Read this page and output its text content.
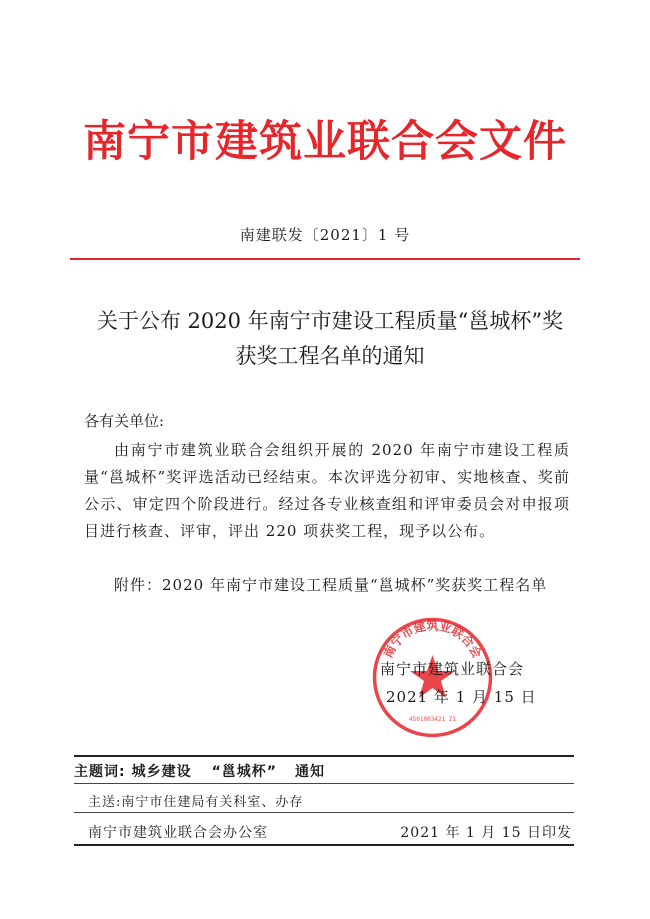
南宁市建筑业联合会文件
南建联发〔2021〕1 号
关于公布 2020 年南宁市建设工程质量“邕城杯”奖
获奖工程名单的通知
各有关单位:
由南宁市建筑业联合会组织开展的 2020 年南宁市建设工程质量“邕城杯”奖评选活动已经结束。本次评选分初审、实地核查、奖前公示、审定四个阶段进行。经过各专业核查组和评审委员会对申报项目进行核查、评审，评出 220 项获奖工程，现予以公布。
附件：2020 年南宁市建设工程质量“邕城杯”奖获奖工程名单
南宁市建筑业联合会
4501003421 Z1
南宁市建筑业联合会
2021 年 1 月 15 日
主题词: 城乡建设 “邕城杯” 通知
主送:南宁市住建局有关科室、办存
南宁市建筑业联合会办公室	2021 年 1 月 15 日印发
